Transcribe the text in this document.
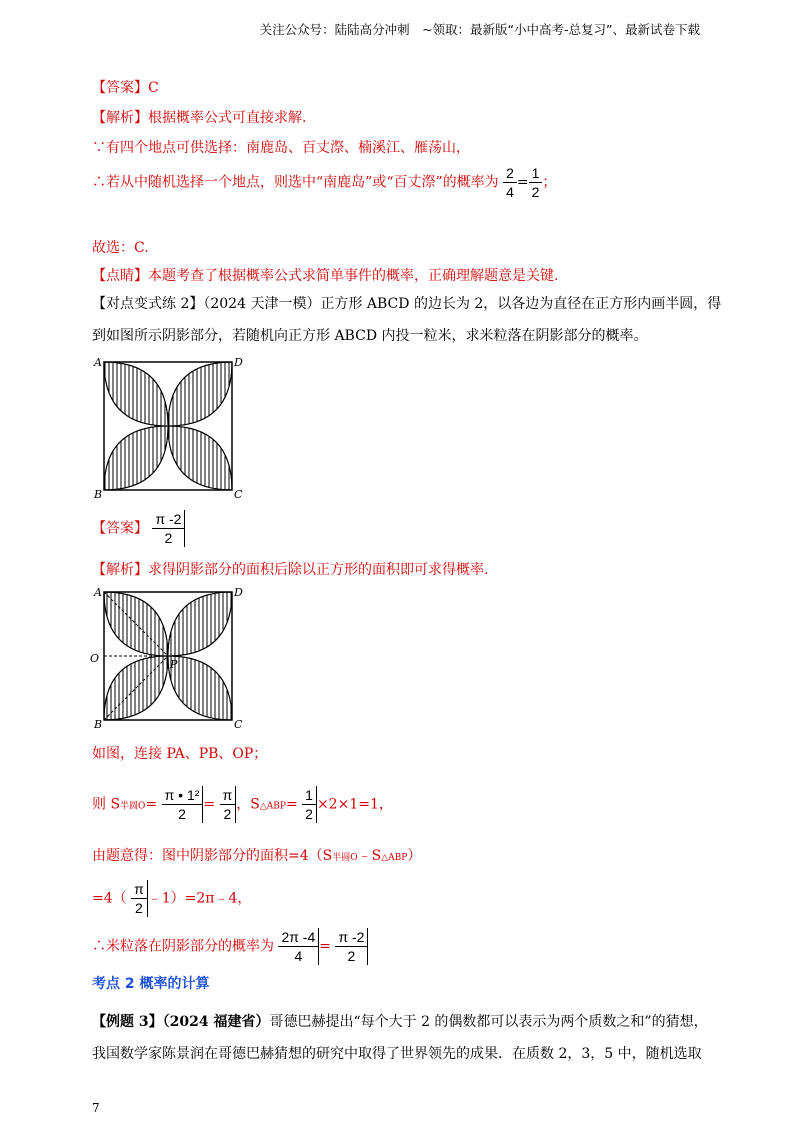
关注公众号：陆陆高分冲刺　~领取：最新版“小中高考-总复习”、最新试卷下载
【答案】C
【解析】根据概率公式可直接求解.
∵有四个地点可供选择：南鹿岛、百丈漈、楠溪江、雁荡山，
∴若从中随机选择一个地点，则选中“南鹿岛”或“百丈漈”的概率为 $\frac{2}{4} = \frac{1}{2}$ ；
故选：C.
【点睛】本题考查了根据概率公式求简单事件的概率，正确理解题意是关键.
【对点变式练 2】（2024 天津一模）正方形 ABCD 的边长为 2，以各边为直径在正方形内画半圆，得
到如图所示阴影部分，若随机向正方形 ABCD 内投一粒米，求米粒落在阴影部分的概率。
A	D
B	C
【答案】 $\frac{\pi -2}{2}$
【解析】求得阴影部分的面积后除以正方形的面积即可求得概率.
A	D
O	P
B	C
如图，连接 PA、PB、OP；
则 S半圆$O= \frac{\text{π • 1²}}{2} = \frac{\pi}{2}$ ，S△ABP= $\frac{1}{2} \times 2\times 1=1$，
由题意得：图中阴影部分的面积=4（S半圆O﹣S△ABP）
$=4( \frac{\pi}{2}$ ﹣1）=2π﹣4，
∴米粒落在阴影部分的概率为 $\frac{2\pi -4}{4} = \frac{\pi -2}{2}$
考点 2 概率的计算
【例题 3】（2024 福建省）哥德巴赫提出“每个大于 2 的偶数都可以表示为两个质数之和”的猜想，
我国数学家陈景润在哥德巴赫猜想的研究中取得了世界领先的成果．在质数 2，3，5 中，随机选取
7
